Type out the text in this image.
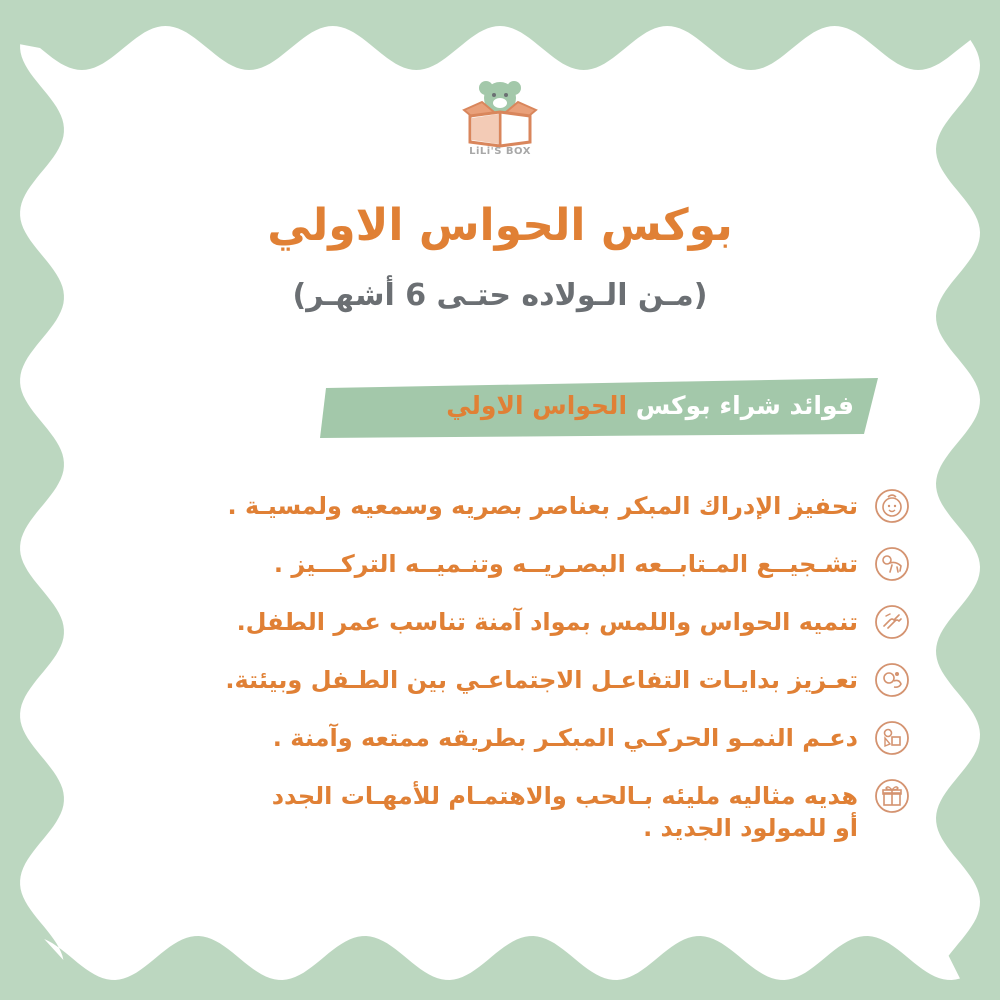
LiLi'S BOX
بوكس الحواس الاولي
(مـن الـولاده حتـى 6 أشهـر)
فوائد شراء بوكس الحواس الاولي
تحفيز الإدراك المبكر بعناصر بصريه وسمعيه ولمسيـة .
تشـجيــع المـتابــعه البصـريــه وتنـميــه التركـــيز .
تنميه الحواس واللمس بمواد آمنة تناسب عمر الطفل.
تعـزيز بدايـات التفاعـل الاجتماعـي بين الطـفل وبيئتة.
دعـم النمـو الحركـي المبكـر بطريقه ممتعه وآمنة .
هديه مثاليه مليئه بـالحب والاهتمـام للأمهـات الجدد
أو للمولود الجديد .
